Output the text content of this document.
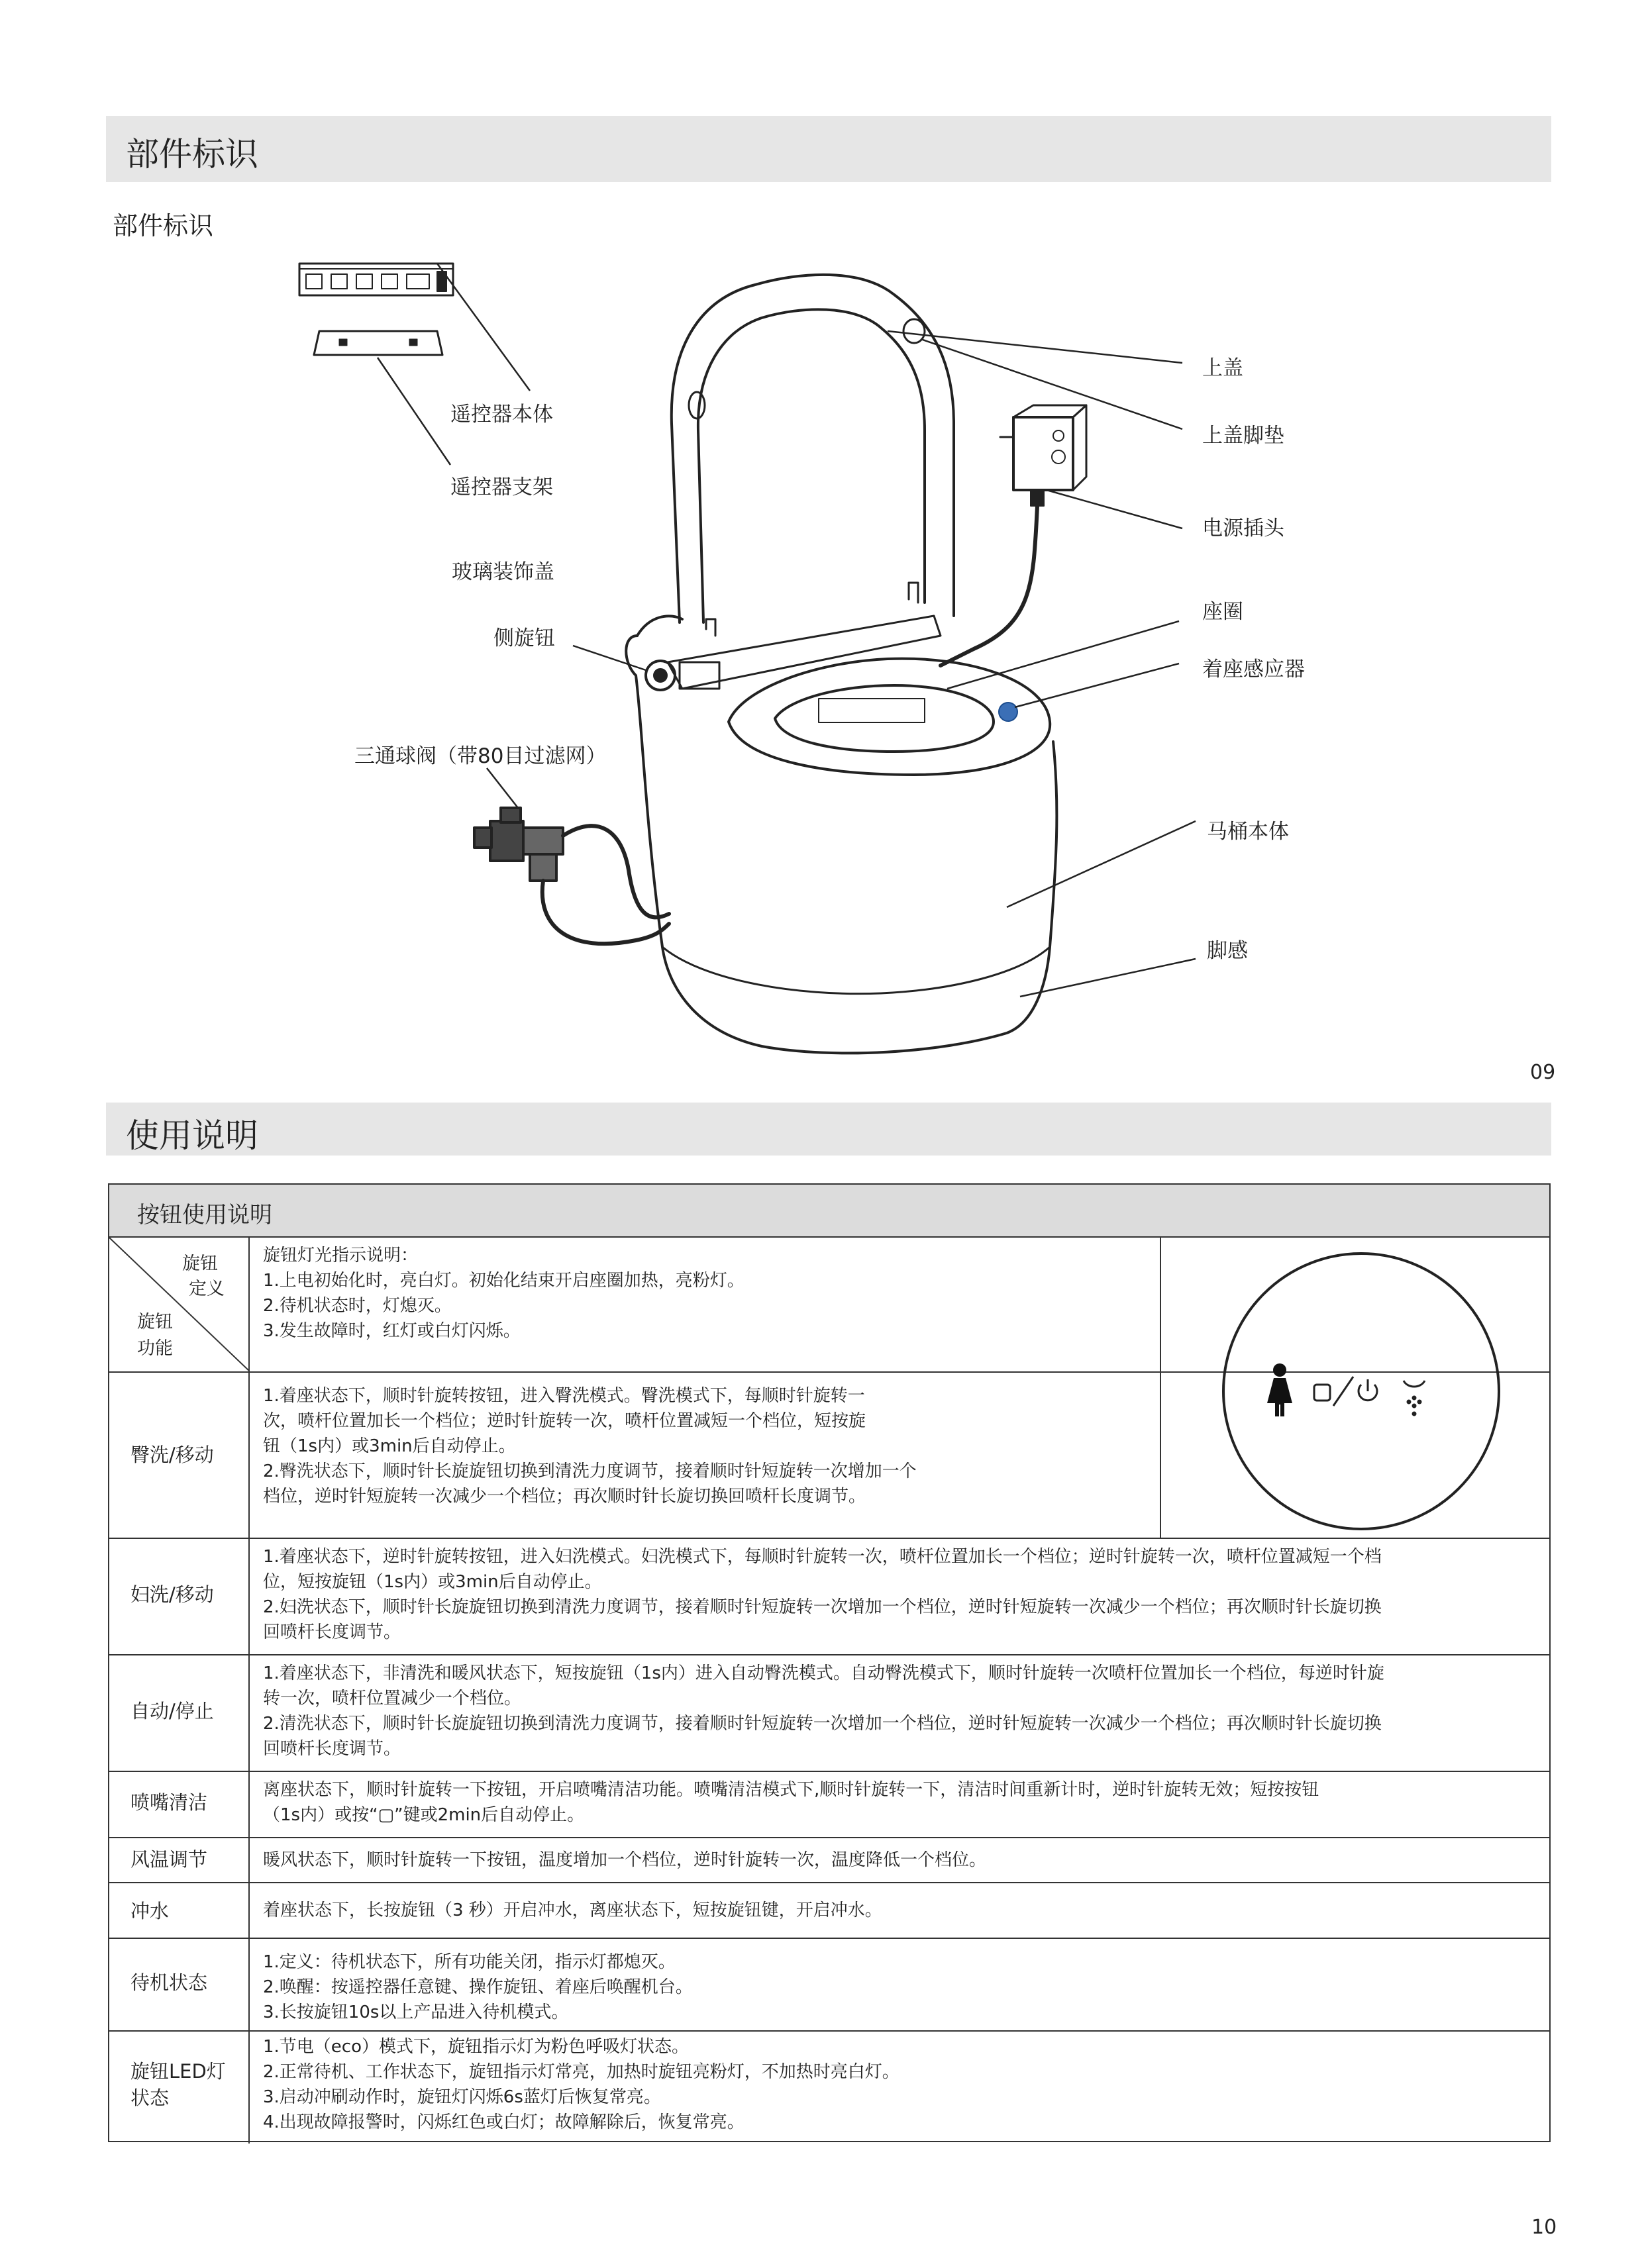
部件标识
部件标识
上盖
上盖脚垫
电源插头
座圈
着座感应器
马桶本体
脚感
遥控器本体
遥控器支架
玻璃装饰盖
侧旋钮
三通球阀（带80目过滤网）
09
使用说明
按钮使用说明
旋钮
定义
旋钮
功能

旋钮灯光指示说明：
1.上电初始化时，亮白灯。初始化结束开启座圈加热，亮粉灯。
2.待机状态时，灯熄灭。
3.发生故障时，红灯或白灯闪烁。

臀洗/移动

1.着座状态下，顺时针旋转按钮，进入臀洗模式。臀洗模式下，每顺时针旋转一
次，喷杆位置加长一个档位；逆时针旋转一次，喷杆位置减短一个档位，短按旋
钮（1s内）或3min后自动停止。
2.臀洗状态下，顺时针长旋旋钮切换到清洗力度调节，接着顺时针短旋转一次增加一个
档位，逆时针短旋转一次减少一个档位；再次顺时针长旋切换回喷杆长度调节。

妇洗/移动

1.着座状态下，逆时针旋转按钮，进入妇洗模式。妇洗模式下，每顺时针旋转一次，喷杆位置加长一个档位；逆时针旋转一次，喷杆位置减短一个档
位，短按旋钮（1s内）或3min后自动停止。
2.妇洗状态下，顺时针长旋旋钮切换到清洗力度调节，接着顺时针短旋转一次增加一个档位，逆时针短旋转一次减少一个档位；再次顺时针长旋切换
回喷杆长度调节。

自动/停止

1.着座状态下，非清洗和暖风状态下，短按旋钮（1s内）进入自动臀洗模式。自动臀洗模式下，顺时针旋转一次喷杆位置加长一个档位，每逆时针旋
转一次，喷杆位置减少一个档位。
2.清洗状态下，顺时针长旋旋钮切换到清洗力度调节，接着顺时针短旋转一次增加一个档位，逆时针短旋转一次减少一个档位；再次顺时针长旋切换
回喷杆长度调节。

喷嘴清洁

离座状态下，顺时针旋转一下按钮，开启喷嘴清洁功能。喷嘴清洁模式下,顺时针旋转一下，清洁时间重新计时，逆时针旋转无效；短按按钮
（1s内）或按“▢”键或2min后自动停止。

风温调节	暖风状态下，顺时针旋转一下按钮，温度增加一个档位，逆时针旋转一次，温度降低一个档位。

冲水	着座状态下，长按旋钮（3 秒）开启冲水，离座状态下，短按旋钮键，开启冲水。

待机状态

1.定义：待机状态下，所有功能关闭，指示灯都熄灭。
2.唤醒：按遥控器任意键、操作旋钮、着座后唤醒机台。
3.长按旋钮10s以上产品进入待机模式。

旋钮LED灯
状态

1.节电（eco）模式下，旋钮指示灯为粉色呼吸灯状态。
2.正常待机、工作状态下，旋钮指示灯常亮，加热时旋钮亮粉灯，不加热时亮白灯。
3.启动冲刷动作时，旋钮灯闪烁6s蓝灯后恢复常亮。
4.出现故障报警时，闪烁红色或白灯；故障解除后，恢复常亮。

10
